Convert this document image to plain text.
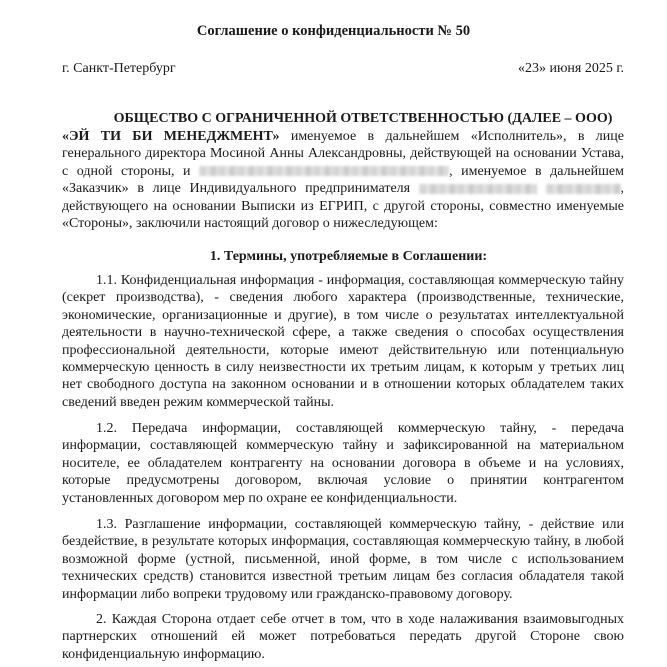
Соглашение о конфиденциальности № 50
г. Санкт-Петербург	«23» июня 2025 г.
ОБЩЕСТВО С ОГРАНИЧЕННОЙ ОТВЕТСТВЕННОСТЬЮ (ДАЛЕЕ – ООО)
«ЭЙ ТИ БИ МЕНЕДЖМЕНТ» именуемое в дальнейшем «Исполнитель», в лице генерального директора Мосиной Анны Александровны, действующей на основании Устава, с одной стороны, и	, именуемое в дальнейшем «Заказчик» в лице Индивидуального предпринимателя	, действующего на основании Выписки из ЕГРИП, с другой стороны, совместно именуемые «Стороны», заключили настоящий договор о нижеследующем:
1. Термины, употребляемые в Соглашении:

1.1. Конфиденциальная информация - информация, составляющая коммерческую тайну (секрет производства), - сведения любого характера (производственные, технические, экономические, организационные и другие), в том числе о результатах интеллектуальной деятельности в научно-технической сфере, а также сведения о способах осуществления профессиональной деятельности, которые имеют действительную или потенциальную коммерческую ценность в силу неизвестности их третьим лицам, к которым у третьих лиц нет свободного доступа на законном основании и в отношении которых обладателем таких сведений введен режим коммерческой тайны.

1.2. Передача информации, составляющей коммерческую тайну, - передача информации, составляющей коммерческую тайну и зафиксированной на материальном носителе, ее обладателем контрагенту на основании договора в объеме и на условиях, которые предусмотрены договором, включая условие о принятии контрагентом установленных договором мер по охране ее конфиденциальности.

1.3. Разглашение информации, составляющей коммерческую тайну, - действие или бездействие, в результате которых информация, составляющая коммерческую тайну, в любой возможной форме (устной, письменной, иной форме, в том числе с использованием технических средств) становится известной третьим лицам без согласия обладателя такой информации либо вопреки трудовому или гражданско-правовому договору.

2. Каждая Сторона отдает себе отчет в том, что в ходе налаживания взаимовыгодных партнерских отношений ей может потребоваться передать другой Стороне свою конфиденциальную информацию.
